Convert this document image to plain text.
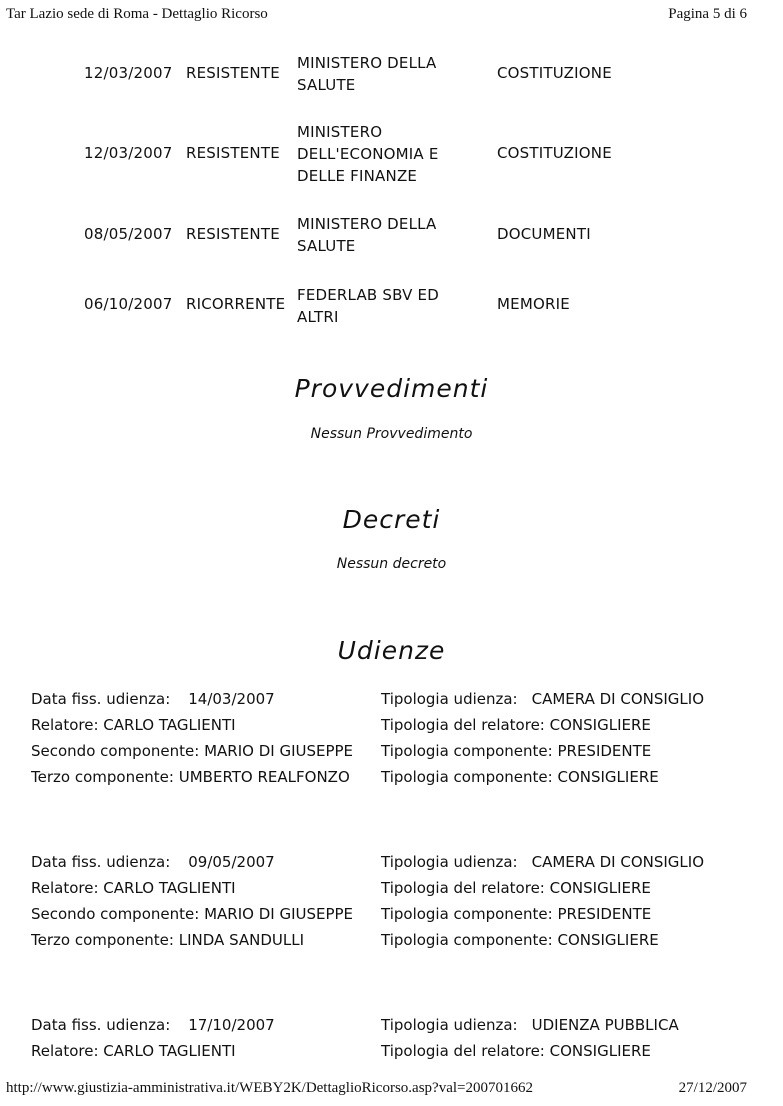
Tar Lazio sede di Roma - Dettaglio Ricorso	Pagina 5 di 6
12/03/2007 RESISTENTE
MINISTERO DELLA
SALUTE
COSTITUZIONE
12/03/2007 RESISTENTE
MINISTERO
DELL'ECONOMIA E
DELLE FINANZE
COSTITUZIONE
08/05/2007 RESISTENTE
MINISTERO DELLA
SALUTE
DOCUMENTI
06/10/2007 RICORRENTE FEDERLAB SBV ED
ALTRI
MEMORIE
Provvedimenti
Nessun Provvedimento
Decreti
Nessun decreto
Udienze
Data fiss. udienza: 14/03/2007
Relatore: CARLO TAGLIENTI
Secondo componente: MARIO DI GIUSEPPE
Terzo componente: UMBERTO REALFONZO
Tipologia udienza: CAMERA DI CONSIGLIO
Tipologia del relatore: CONSIGLIERE
Tipologia componente: PRESIDENTE
Tipologia componente: CONSIGLIERE
Data fiss. udienza: 09/05/2007
Relatore: CARLO TAGLIENTI
Secondo componente: MARIO DI GIUSEPPE
Terzo componente: LINDA SANDULLI
Tipologia udienza: CAMERA DI CONSIGLIO
Tipologia del relatore: CONSIGLIERE
Tipologia componente: PRESIDENTE
Tipologia componente: CONSIGLIERE
Data fiss. udienza: 17/10/2007
Relatore: CARLO TAGLIENTI
Tipologia udienza: UDIENZA PUBBLICA
Tipologia del relatore: CONSIGLIERE
http://www.giustizia-amministrativa.it/WEBY2K/DettaglioRicorso.asp?val=200701662	27/12/2007
